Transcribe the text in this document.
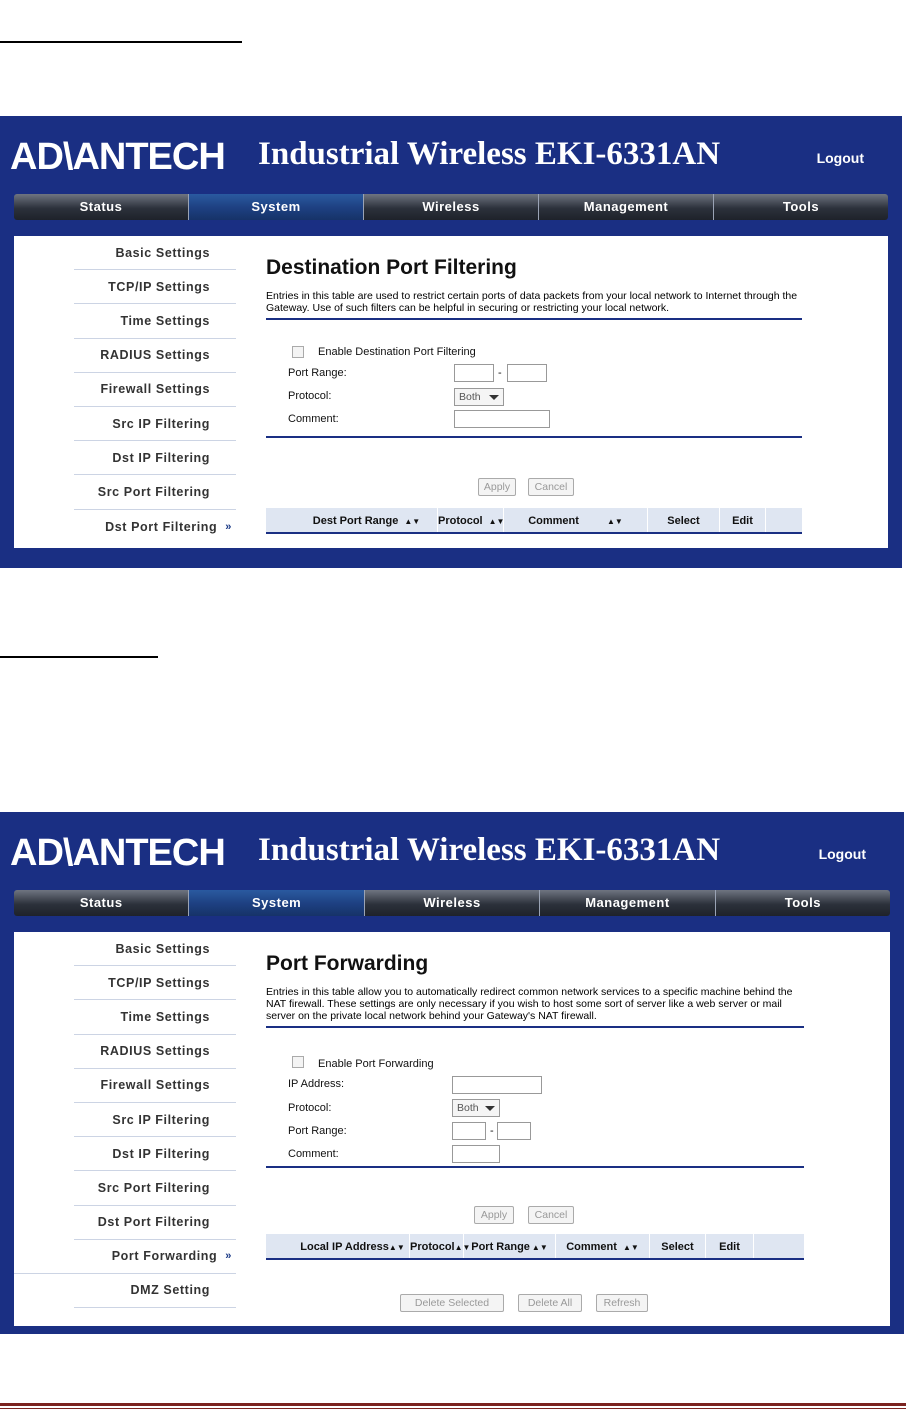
AD\ANTECH Industrial Wireless EKI-6331AN	Logout
Status	System	Wireless	Management	Tools
Basic Settings
TCP/IP Settings
Time Settings
RADIUS Settings
Firewall Settings
Src IP Filtering
Dst IP Filtering
Src Port Filtering
Dst Port Filtering »
Destination Port Filtering
Entries in this table are used to restrict certain ports of data packets from your local network to Internet through the Gateway. Use of such filters can be helpful in securing or restricting your local network.
Enable Destination Port Filtering
Port Range:	-
Protocol:	Both
Comment:
Apply	Cancel
Dest Port Range ▲▼	Protocol ▲▼	Comment	▲▼	Select	Edit
AD\ANTECH Industrial Wireless EKI-6331AN	Logout
Status	System	Wireless	Management	Tools
Basic Settings
TCP/IP Settings
Time Settings
RADIUS Settings
Firewall Settings
Src IP Filtering
Dst IP Filtering
Src Port Filtering
Dst Port Filtering
Port Forwarding »
DMZ Setting
Port Forwarding
Entries in this table allow you to automatically redirect common network services to a specific machine behind the NAT firewall. These settings are only necessary if you wish to host some sort of server like a web server or mail server on the private local network behind your Gateway's NAT firewall.
Enable Port Forwarding
IP Address:
Protocol:	Both
Port Range:	-
Comment:
Apply	Cancel
Local IP Address▲▼ Protocol▲▼ Port Range ▲▼	Comment ▲▼	Select	Edit
Delete Selected	Delete All	Refresh
